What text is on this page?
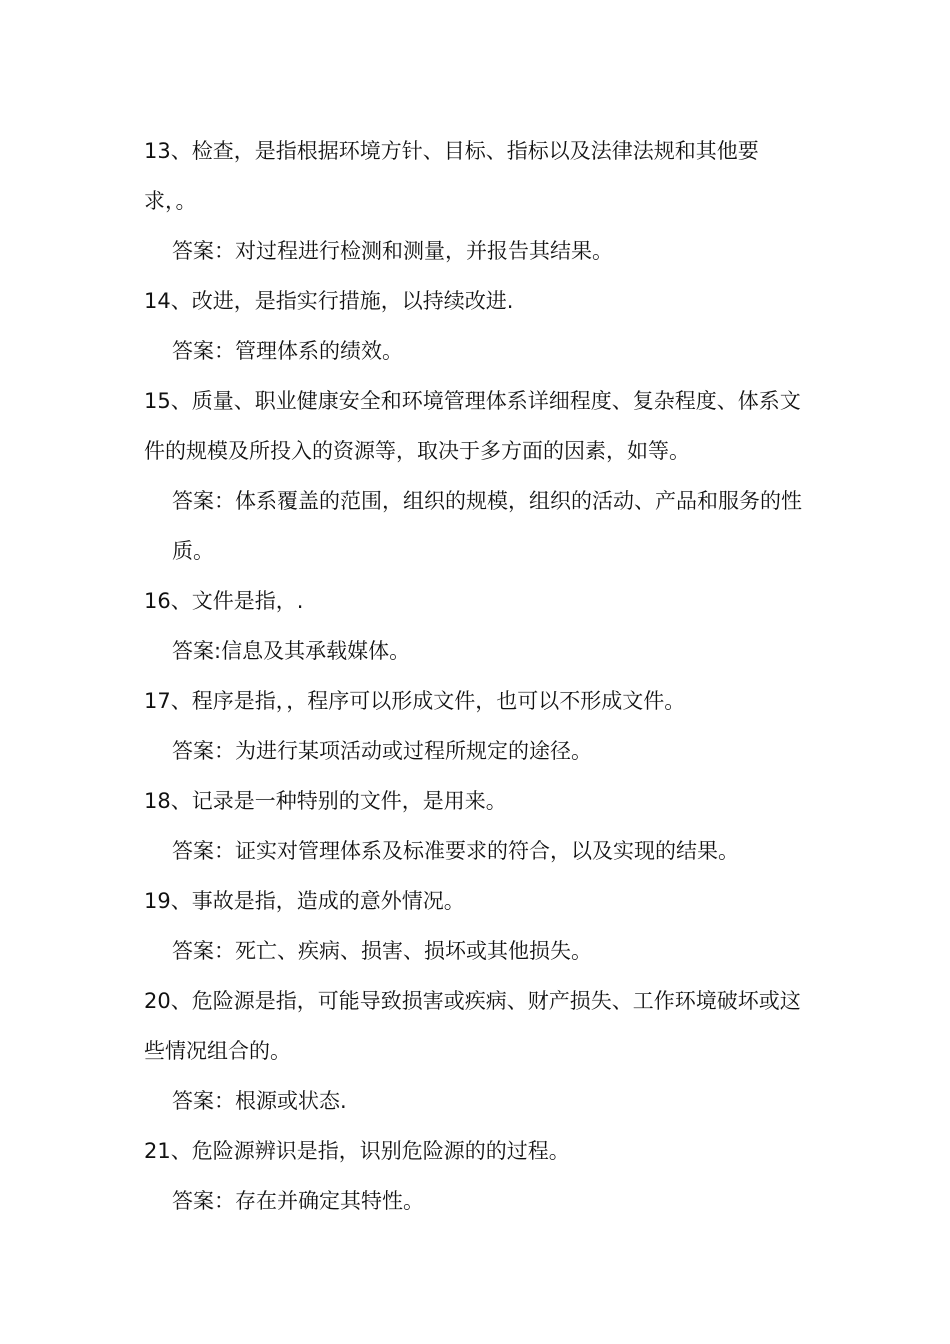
13、检查，是指根据环境方针、目标、指标以及法律法规和其他要求，。

答案：对过程进行检测和测量，并报告其结果。

14、改进，是指实行措施，以持续改进.

答案：管理体系的绩效。

15、质量、职业健康安全和环境管理体系详细程度、复杂程度、体系文件的规模及所投入的资源等，取决于多方面的因素，如等。

答案：体系覆盖的范围，组织的规模，组织的活动、产品和服务的性质。

16、文件是指，.

答案:信息及其承载媒体。

17、程序是指，，程序可以形成文件，也可以不形成文件。

答案：为进行某项活动或过程所规定的途径。

18、记录是一种特别的文件，是用来。

答案：证实对管理体系及标准要求的符合，以及实现的结果。

19、事故是指，造成的意外情况。

答案：死亡、疾病、损害、损坏或其他损失。

20、危险源是指，可能导致损害或疾病、财产损失、工作环境破坏或这些情况组合的。

答案：根源或状态.

21、危险源辨识是指，识别危险源的的过程。

答案：存在并确定其特性。
